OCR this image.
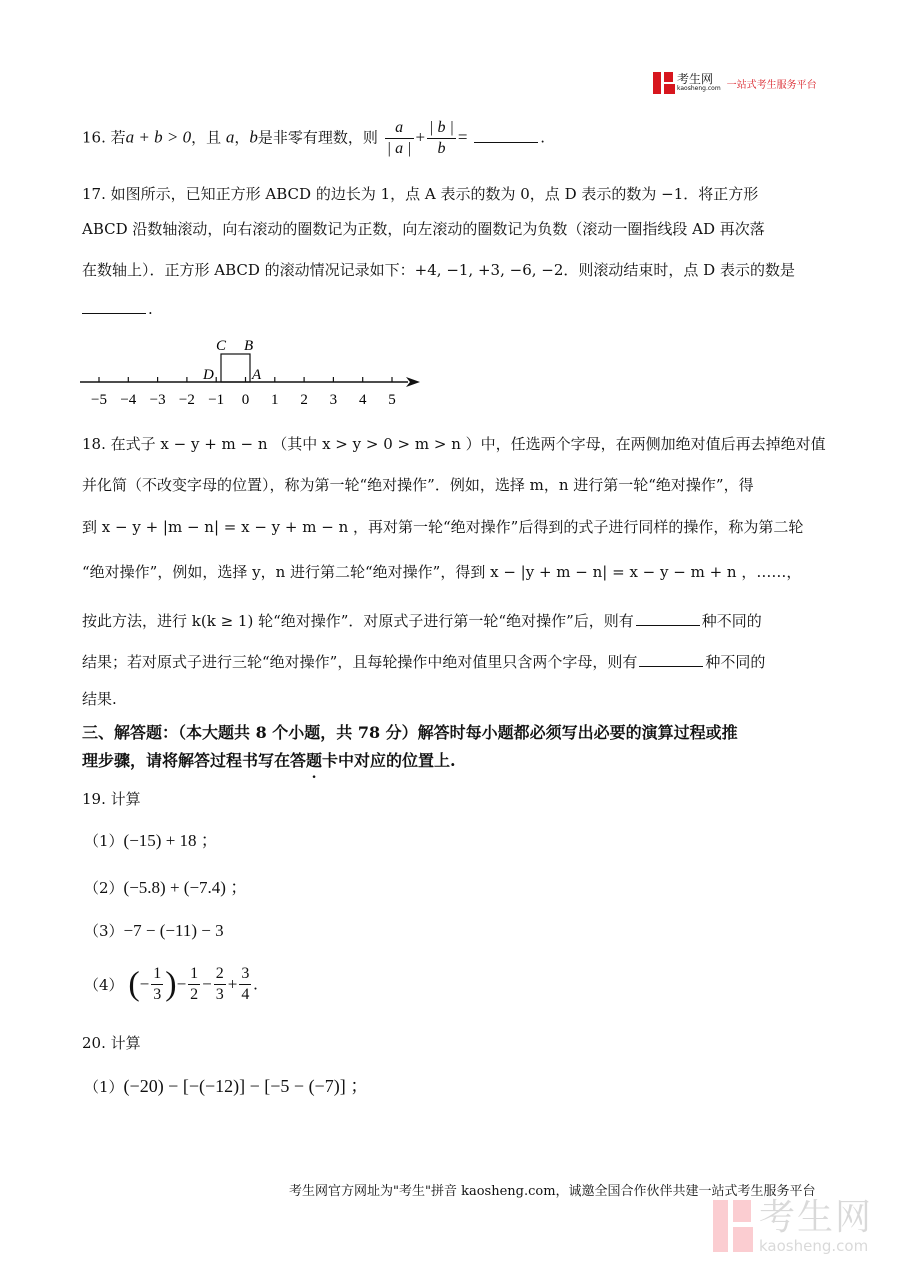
考生网
kaosheng.com 一站式考生服务平台
16. 若a + b > 0，且 a，b是非零有理数，则 $\frac{a}{| a |} + \frac{| b |}{b}$ =	.
17. 如图所示，已知正方形 ABCD 的边长为 1，点 A 表示的数为 0，点 D 表示的数为 −1．将正方形
ABCD 沿数轴滚动，向右滚动的圈数记为正数，向左滚动的圈数记为负数（滚动一圈指线段 AD 再次落
在数轴上）．正方形 ABCD 的滚动情况记录如下：+4, −1, +3, −6, −2．则滚动结束时，点 D 表示的数是
.
−5 −4 −3 −2 −1 0 1 2 3 4 5
C B
D	A
18. 在式子 x − y + m − n （其中 x > y > 0 > m > n ）中，任选两个字母，在两侧加绝对值后再去掉绝对值
并化简（不改变字母的位置），称为第一轮“绝对操作”．例如，选择 m，n 进行第一轮“绝对操作”，得
到 x − y + |m − n| = x − y + m − n ，再对第一轮“绝对操作”后得到的式子进行同样的操作，称为第二轮
“绝对操作”，例如，选择 y，n 进行第二轮“绝对操作”，得到 x − |y + m − n| = x − y − m + n ，……，
按此方法，进行 k(k ≥ 1) 轮“绝对操作”．对原式子进行第一轮“绝对操作”后，则有	种不同的
结果；若对原式子进行三轮“绝对操作”，且每轮操作中绝对值里只含两个字母，则有	种不同的
结果.
三、解答题：（本大题共 8 个小题，共 78 分）解答时每小题都必须写出必要的演算过程或推
理步骤，请将解答过程书写在答题卡中对应的位置上.
19. 计算
（1）(−15) + 18 ；
（2）(−5.8) + (−7.4) ；
（3）−7 − (−11) − 3
（4） (− $\frac{1}{3}$ )− $\frac{1}{2} - \frac{2}{3} + \frac{3}{4}$ .
20. 计算
（1）(−20) − [−(−12)] − [−5 − (−7)] ；
考生网官方网址为"考生"拼音 kaosheng.com，诚邀全国合作伙伴共建一站式考生服务平台
考生网
kaosheng.com
